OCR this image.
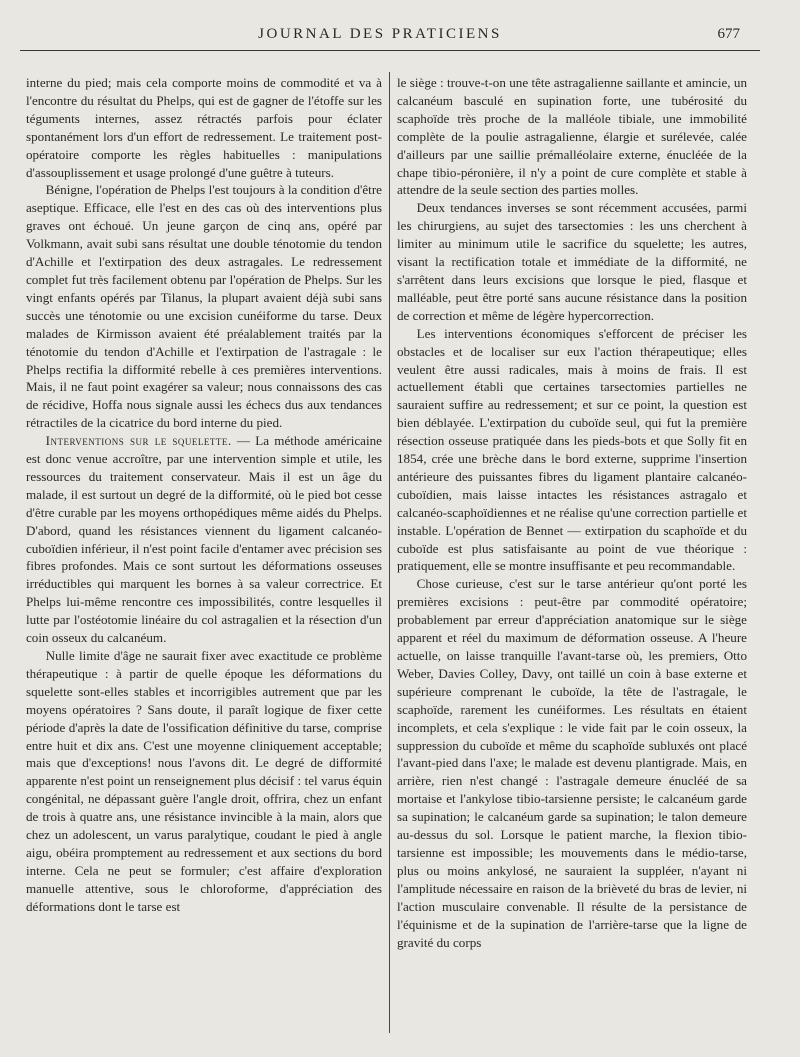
JOURNAL DES PRATICIENS	677

interne du pied; mais cela comporte moins de commodité et va à l'encontre du résultat du Phelps, qui est de gagner de l'étoffe sur les téguments internes, assez rétractés parfois pour éclater spontanément lors d'un effort de redressement. Le traitement post-opératoire comporte les règles habituelles : manipulations d'assouplissement et usage prolongé d'une guêtre à tuteurs.

Bénigne, l'opération de Phelps l'est toujours à la condition d'être aseptique. Efficace, elle l'est en des cas où des interventions plus graves ont échoué. Un jeune garçon de cinq ans, opéré par Volkmann, avait subi sans résultat une double ténotomie du tendon d'Achille et l'extirpation des deux astragales. Le redressement complet fut très facilement obtenu par l'opération de Phelps. Sur les vingt enfants opérés par Tilanus, la plupart avaient déjà subi sans succès une ténotomie ou une excision cunéiforme du tarse. Deux malades de Kirmisson avaient été préalablement traités par la ténotomie du tendon d'Achille et l'extirpation de l'astragale : le Phelps rectifia la difformité rebelle à ces premières interventions. Mais, il ne faut point exagérer sa valeur; nous connaissons des cas de récidive, Hoffa nous signale aussi les échecs dus aux tendances rétractiles de la cicatrice du bord interne du pied.

Interventions sur le squelette. — La méthode américaine est donc venue accroître, par une intervention simple et utile, les ressources du traitement conservateur. Mais il est un âge du malade, il est surtout un degré de la difformité, où le pied bot cesse d'être curable par les moyens orthopédiques même aidés du Phelps. D'abord, quand les résistances viennent du ligament calcanéo-cuboïdien inférieur, il n'est point facile d'entamer avec précision ses fibres profondes. Mais ce sont surtout les déformations osseuses irréductibles qui marquent les bornes à sa valeur correctrice. Et Phelps lui-même rencontre ces impossibilités, contre lesquelles il lutte par l'ostéotomie linéaire du col astragalien et la résection d'un coin osseux du calcanéum.

Nulle limite d'âge ne saurait fixer avec exactitude ce problème thérapeutique : à partir de quelle époque les déformations du squelette sont-elles stables et incorrigibles autrement que par les moyens opératoires ? Sans doute, il paraît logique de fixer cette période d'après la date de l'ossification définitive du tarse, comprise entre huit et dix ans. C'est une moyenne cliniquement acceptable; mais que d'exceptions! nous l'avons dit. Le degré de difformité apparente n'est point un renseignement plus décisif : tel varus équin congénital, ne dépassant guère l'angle droit, offrira, chez un enfant de trois à quatre ans, une résistance invincible à la main, alors que chez un adolescent, un varus paralytique, coudant le pied à angle aigu, obéira promptement au redressement et aux sections du bord interne. Cela ne peut se formuler; c'est affaire d'exploration manuelle attentive, sous le chloroforme, d'appréciation des déformations dont le tarse est

le siège : trouve-t-on une tête astragalienne saillante et amincie, un calcanéum basculé en supination forte, une tubérosité du scaphoïde très proche de la malléole tibiale, une immobilité complète de la poulie astragalienne, élargie et surélevée, calée d'ailleurs par une saillie prémalléolaire externe, énucléée de la chape tibio-péronière, il n'y a point de cure complète et stable à attendre de la seule section des parties molles.

Deux tendances inverses se sont récemment accusées, parmi les chirurgiens, au sujet des tarsectomies : les uns cherchent à limiter au minimum utile le sacrifice du squelette; les autres, visant la rectification totale et immédiate de la difformité, ne s'arrêtent dans leurs excisions que lorsque le pied, flasque et malléable, peut être porté sans aucune résistance dans la position de correction et même de légère hypercorrection.

Les interventions économiques s'efforcent de préciser les obstacles et de localiser sur eux l'action thérapeutique; elles veulent être aussi radicales, mais à moins de frais. Il est actuellement établi que certaines tarsectomies partielles ne sauraient suffire au redressement; et sur ce point, la question est bien déblayée. L'extirpation du cuboïde seul, qui fut la première résection osseuse pratiquée dans les pieds-bots et que Solly fit en 1854, crée une brèche dans le bord externe, supprime l'insertion antérieure des puissantes fibres du ligament plantaire calcanéo-cuboïdien, mais laisse intactes les résistances astragalo et calcanéo-scaphoïdiennes et ne réalise qu'une correction partielle et instable. L'opération de Bennet — extirpation du scaphoïde et du cuboïde est plus satisfaisante au point de vue théorique : pratiquement, elle se montre insuffisante et peu recommandable.

Chose curieuse, c'est sur le tarse antérieur qu'ont porté les premières excisions : peut-être par commodité opératoire; probablement par erreur d'appréciation anatomique sur le siège apparent et réel du maximum de déformation osseuse. A l'heure actuelle, on laisse tranquille l'avant-tarse où, les premiers, Otto Weber, Davies Colley, Davy, ont taillé un coin à base externe et supérieure comprenant le cuboïde, la tête de l'astragale, le scaphoïde, rarement les cunéiformes. Les résultats en étaient incomplets, et cela s'explique : le vide fait par le coin osseux, la suppression du cuboïde et même du scaphoïde subluxés ont placé l'avant-pied dans l'axe; le malade est devenu plantigrade. Mais, en arrière, rien n'est changé : l'astragale demeure énucléé de sa mortaise et l'ankylose tibio-tarsienne persiste; le calcanéum garde sa supination; le calcanéum garde sa supination; le talon demeure au-dessus du sol. Lorsque le patient marche, la flexion tibio-tarsienne est impossible; les mouvements dans le médio-tarse, plus ou moins ankylosé, ne sauraient la suppléer, n'ayant ni l'amplitude nécessaire en raison de la brièveté du bras de levier, ni l'action musculaire convenable. Il résulte de la persistance de l'équinisme et de la supination de l'arrière-tarse que la ligne de gravité du corps
